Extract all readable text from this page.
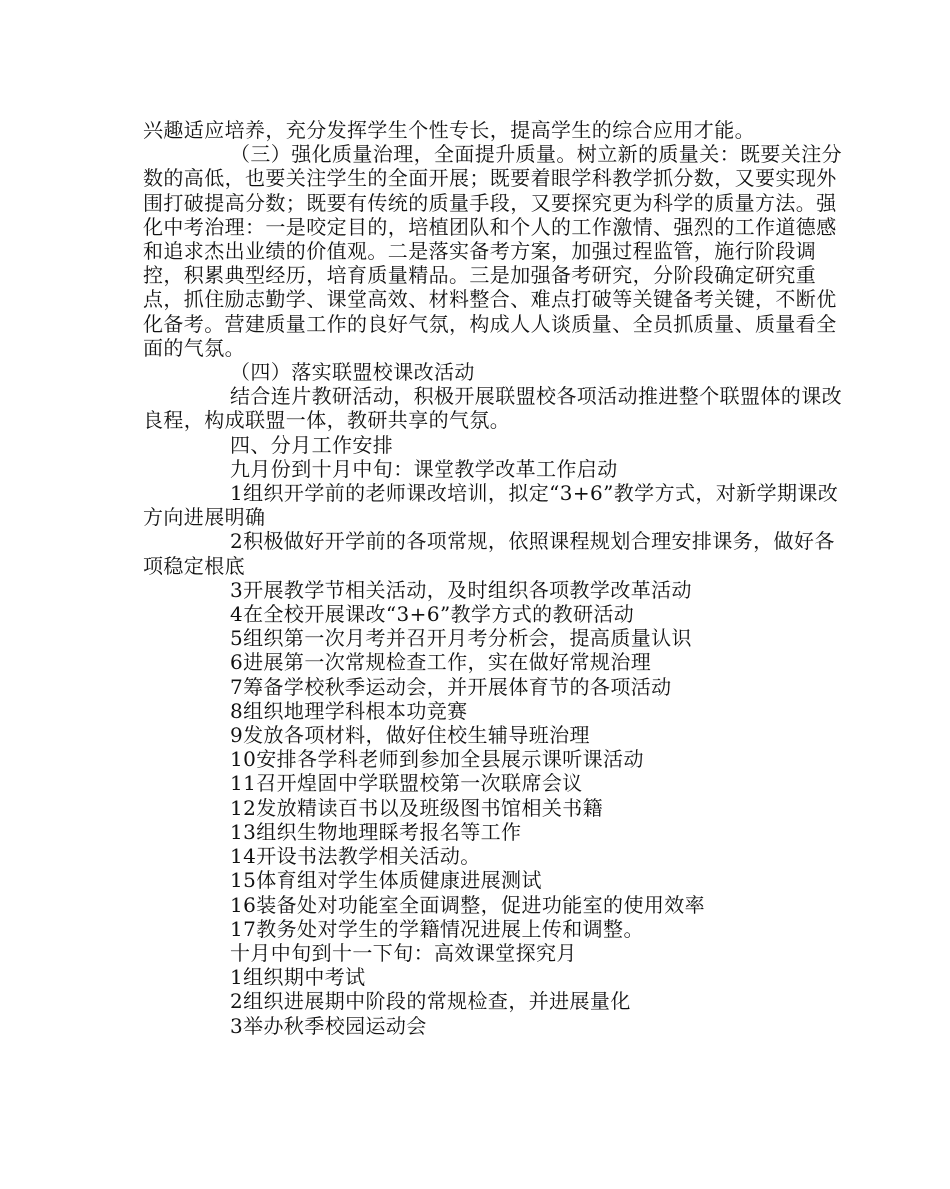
兴趣适应培养，充分发挥学生个性专长，提高学生的综合应用才能。

（三）强化质量治理，全面提升质量。树立新的质量关：既要关注分数的高低，也要关注学生的全面开展；既要着眼学科教学抓分数，又要实现外围打破提高分数；既要有传统的质量手段，又要探究更为科学的质量方法。强化中考治理：一是咬定目的，培植团队和个人的工作激情、强烈的工作道德感和追求杰出业绩的价值观。二是落实备考方案，加强过程监管，施行阶段调控，积累典型经历，培育质量精品。三是加强备考研究，分阶段确定研究重点，抓住励志勤学、课堂高效、材料整合、难点打破等关键备考关键，不断优化备考。营建质量工作的良好气氛，构成人人谈质量、全员抓质量、质量看全面的气氛。

（四）落实联盟校课改活动

结合连片教研活动，积极开展联盟校各项活动推进整个联盟体的课改良程，构成联盟一体，教研共享的气氛。

四、分月工作安排

九月份到十月中旬：课堂教学改革工作启动

1组织开学前的老师课改培训，拟定“3+6”教学方式，对新学期课改方向进展明确

2积极做好开学前的各项常规，依照课程规划合理安排课务，做好各项稳定根底

3开展教学节相关活动，及时组织各项教学改革活动

4在全校开展课改“3+6”教学方式的教研活动

5组织第一次月考并召开月考分析会，提高质量认识

6进展第一次常规检查工作，实在做好常规治理

7筹备学校秋季运动会，并开展体育节的各项活动

8组织地理学科根本功竞赛

9发放各项材料，做好住校生辅导班治理

10安排各学科老师到参加全县展示课听课活动

11召开煌固中学联盟校第一次联席会议

12发放精读百书以及班级图书馆相关书籍

13组织生物地理睬考报名等工作

14开设书法教学相关活动。

15体育组对学生体质健康进展测试

16装备处对功能室全面调整，促进功能室的使用效率

17教务处对学生的学籍情况进展上传和调整。

十月中旬到十一下旬：高效课堂探究月

1组织期中考试

2组织进展期中阶段的常规检查，并进展量化

3举办秋季校园运动会
